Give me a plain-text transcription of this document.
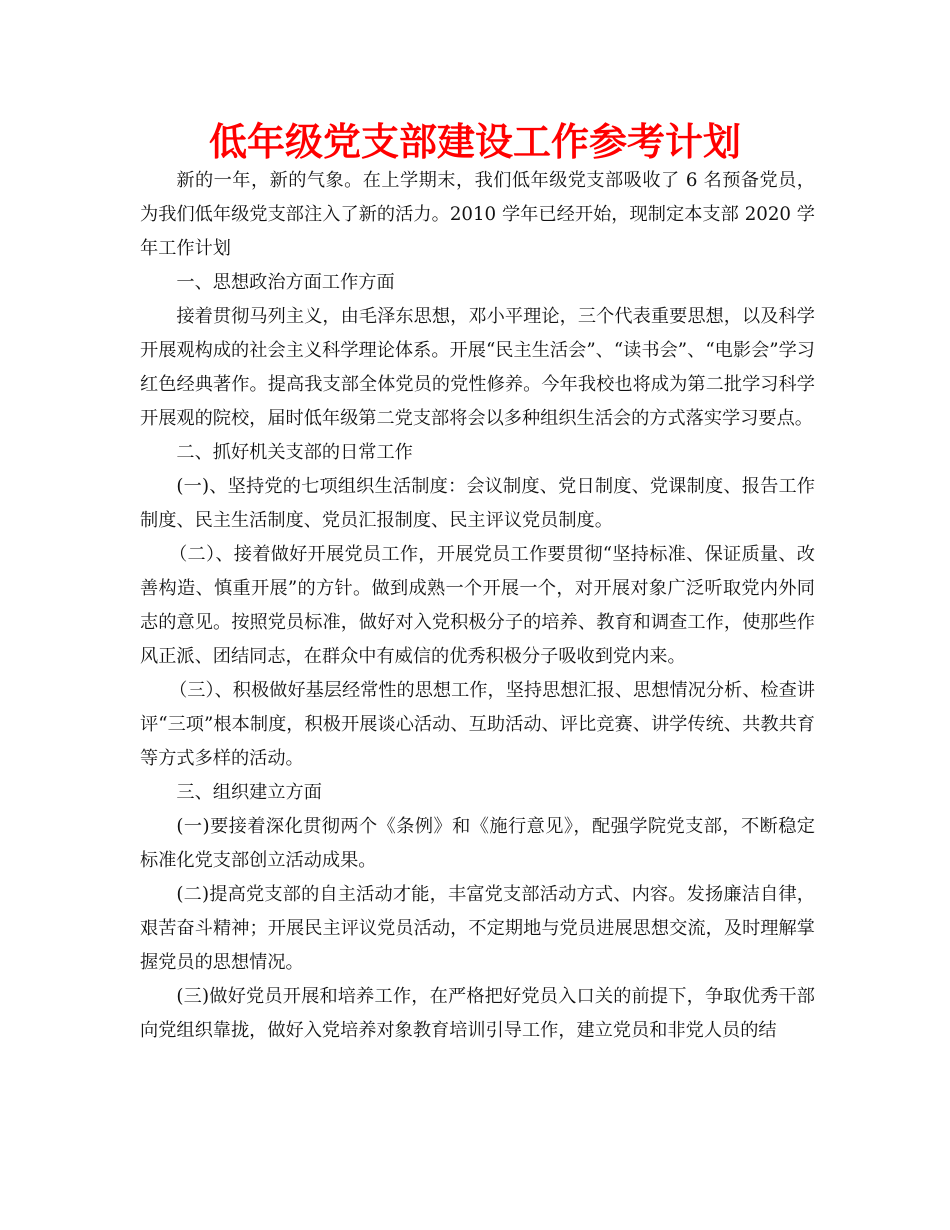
低年级党支部建设工作参考计划

新的一年，新的气象。在上学期末，我们低年级党支部吸收了 6 名预备党员，为我们低年级党支部注入了新的活力。2010 学年已经开始，现制定本支部 2020 学年工作计划

一、思想政治方面工作方面

接着贯彻马列主义，由毛泽东思想，邓小平理论，三个代表重要思想，以及科学开展观构成的社会主义科学理论体系。开展“民主生活会”、“读书会”、“电影会”学习红色经典著作。提高我支部全体党员的党性修养。今年我校也将成为第二批学习科学开展观的院校，届时低年级第二党支部将会以多种组织生活会的方式落实学习要点。

二、抓好机关支部的日常工作

(一)、坚持党的七项组织生活制度：会议制度、党日制度、党课制度、报告工作制度、民主生活制度、党员汇报制度、民主评议党员制度。

（二）、接着做好开展党员工作，开展党员工作要贯彻“坚持标准、保证质量、改善构造、慎重开展”的方针。做到成熟一个开展一个，对开展对象广泛听取党内外同志的意见。按照党员标准，做好对入党积极分子的培养、教育和调查工作，使那些作风正派、团结同志，在群众中有威信的优秀积极分子吸收到党内来。

（三）、积极做好基层经常性的思想工作，坚持思想汇报、思想情况分析、检查讲评“三项”根本制度，积极开展谈心活动、互助活动、评比竞赛、讲学传统、共教共育等方式多样的活动。

三、组织建立方面

(一)要接着深化贯彻两个《条例》和《施行意见》，配强学院党支部，不断稳定标准化党支部创立活动成果。

(二)提高党支部的自主活动才能，丰富党支部活动方式、内容。发扬廉洁自律，艰苦奋斗精神；开展民主评议党员活动，不定期地与党员进展思想交流，及时理解掌握党员的思想情况。

(三)做好党员开展和培养工作，在严格把好党员入口关的前提下，争取优秀干部向党组织靠拢，做好入党培养对象教育培训引导工作，建立党员和非党人员的结
